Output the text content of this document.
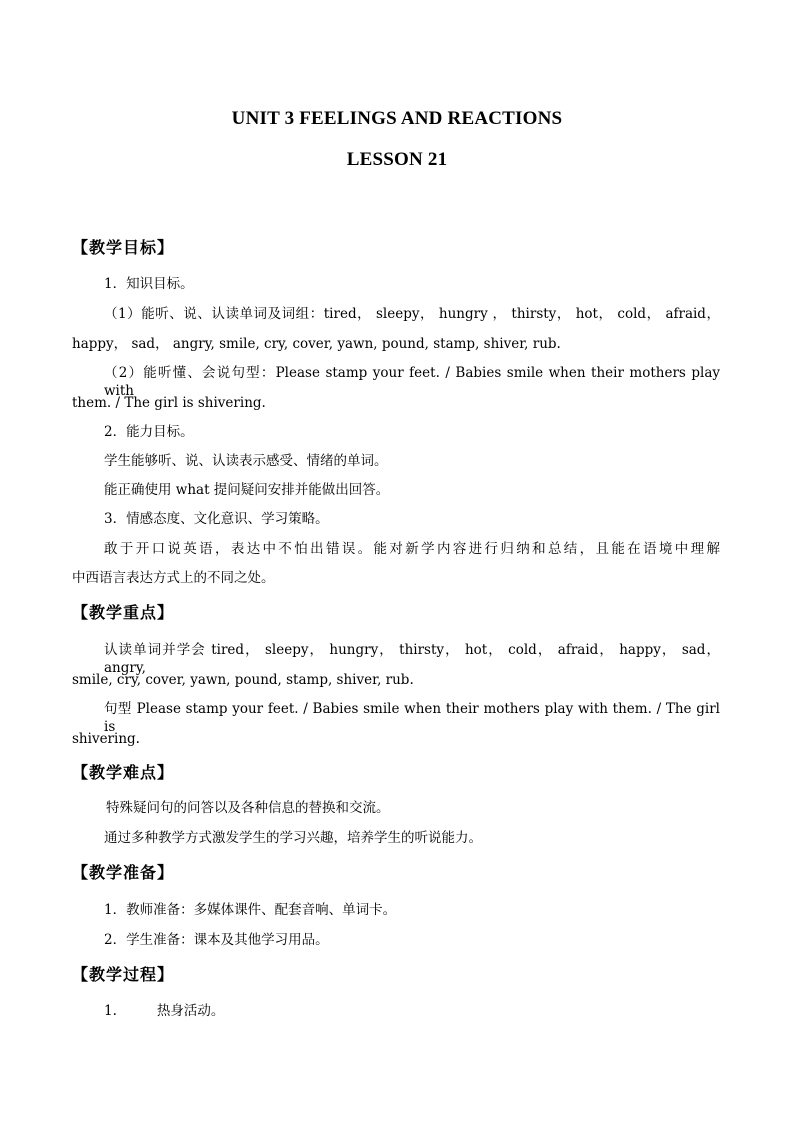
UNIT 3 FEELINGS AND REACTIONS
LESSON 21
【教学目标】
1．知识目标。
（1）能听、说、认读单词及词组：tired， sleepy， hungry ， thirsty， hot， cold， afraid，
happy， sad， angry, smile, cry, cover, yawn, pound, stamp, shiver, rub.
（2）能听懂、会说句型：Please stamp your feet. / Babies smile when their mothers play with
them. / The girl is shivering.
2．能力目标。
学生能够听、说、认读表示感受、情绪的单词。
能正确使用 what 提问疑问安排并能做出回答。
3．情感态度、文化意识、学习策略。
敢于开口说英语，表达中不怕出错误。能对新学内容进行归纳和总结，且能在语境中理解
中西语言表达方式上的不同之处。
【教学重点】
认读单词并学会 tired， sleepy， hungry， thirsty， hot， cold， afraid， happy， sad， angry,
smile, cry, cover, yawn, pound, stamp, shiver, rub.
句型 Please stamp your feet. / Babies smile when their mothers play with them. / The girl is
shivering.
【教学难点】
特殊疑问句的问答以及各种信息的替换和交流。
通过多种教学方式激发学生的学习兴趣，培养学生的听说能力。
【教学准备】
1．教师准备：多媒体课件、配套音响、单词卡。
2．学生准备：课本及其他学习用品。
【教学过程】
1.	热身活动。
